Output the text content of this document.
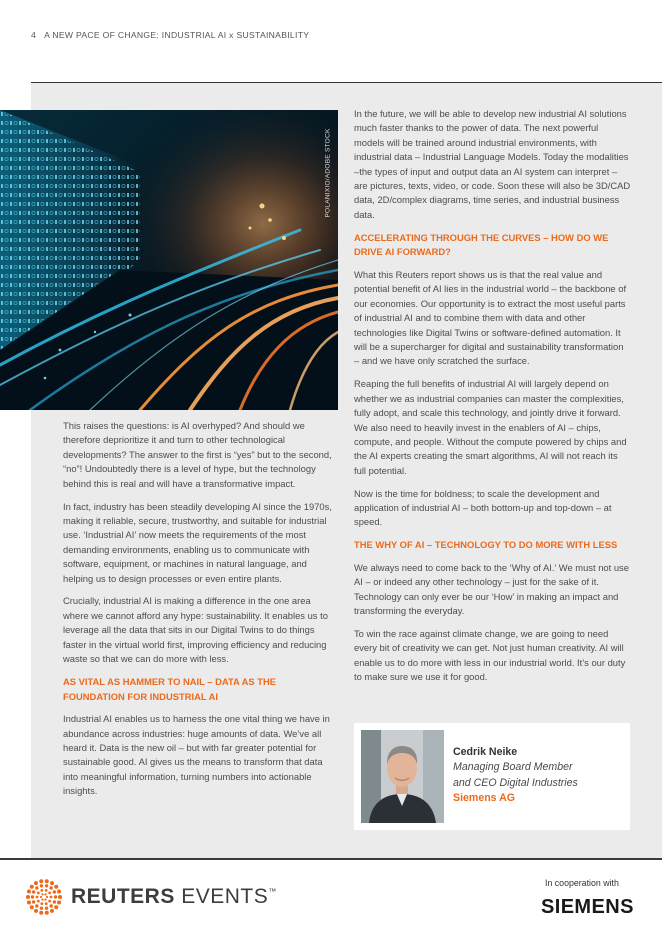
4 A NEW PACE OF CHANGE: INDUSTRIAL AI x SUSTAINABILITY
POLANIXIO/ADOBE STOCK

This raises the questions: is AI overhyped? And should we therefore deprioritize it and turn to other technological developments? The answer to the first is “yes” but to the second, “no”! Undoubtedly there is a level of hype, but the technology behind this is real and will have a transformative impact.

In fact, industry has been steadily developing AI since the 1970s, making it reliable, secure, trustworthy, and suitable for industrial use. ‘Industrial AI’ now meets the requirements of the most demanding environments, enabling us to communicate with software, equipment, or machines in natural language, and helping us to design processes or even entire plants.

Crucially, industrial AI is making a difference in the one area where we cannot afford any hype: sustainability. It enables us to leverage all the data that sits in our Digital Twins to do things faster in the virtual world first, improving efficiency and reducing waste so that we can do more with less.

AS VITAL AS HAMMER TO NAIL – DATA AS THE FOUNDATION FOR INDUSTRIAL AI

Industrial AI enables us to harness the one vital thing we have in abundance across industries: huge amounts of data. We’ve all heard it. Data is the new oil – but with far greater potential for sustainable good. AI gives us the means to transform that data into meaningful information, turning numbers into actionable insights.

In the future, we will be able to develop new industrial AI solutions much faster thanks to the power of data. The next powerful models will be trained around industrial environments, with industrial data – Industrial Language Models. Today the modalities –the types of input and output data an AI system can interpret – are pictures, texts, video, or code. Soon these will also be 3D/CAD data, 2D/complex diagrams, time series, and industrial business data.

ACCELERATING THROUGH THE CURVES – HOW DO WE DRIVE AI FORWARD?

What this Reuters report shows us is that the real value and potential benefit of AI lies in the industrial world – the backbone of our economies. Our opportunity is to extract the most useful parts of industrial AI and to combine them with data and other technologies like Digital Twins or software-defined automation. It will be a supercharger for digital and sustainability transformation – and we have only scratched the surface.

Reaping the full benefits of industrial AI will largely depend on whether we as industrial companies can master the complexities, fully adopt, and scale this technology, and jointly drive it forward. We also need to heavily invest in the enablers of AI – chips, compute, and people. Without the compute powered by chips and the AI experts creating the smart algorithms, AI will not reach its full potential.

Now is the time for boldness; to scale the development and application of industrial AI – both bottom-up and top-down – at speed.

THE WHY OF AI – TECHNOLOGY TO DO MORE WITH LESS

We always need to come back to the ‘Why of AI.’ We must not use AI – or indeed any other technology – just for the sake of it. Technology can only ever be our ‘How’ in making an impact and transforming the everyday.

To win the race against climate change, we are going to need every bit of creativity we can get. Not just human creativity. AI will enable us to do more with less in our industrial world. It’s our duty to make sure we use it for good.

Cedrik Neike
Managing Board Member
and CEO Digital Industries
Siemens AG
REUTERS EVENTS™
In cooperation with
SIEMENS
